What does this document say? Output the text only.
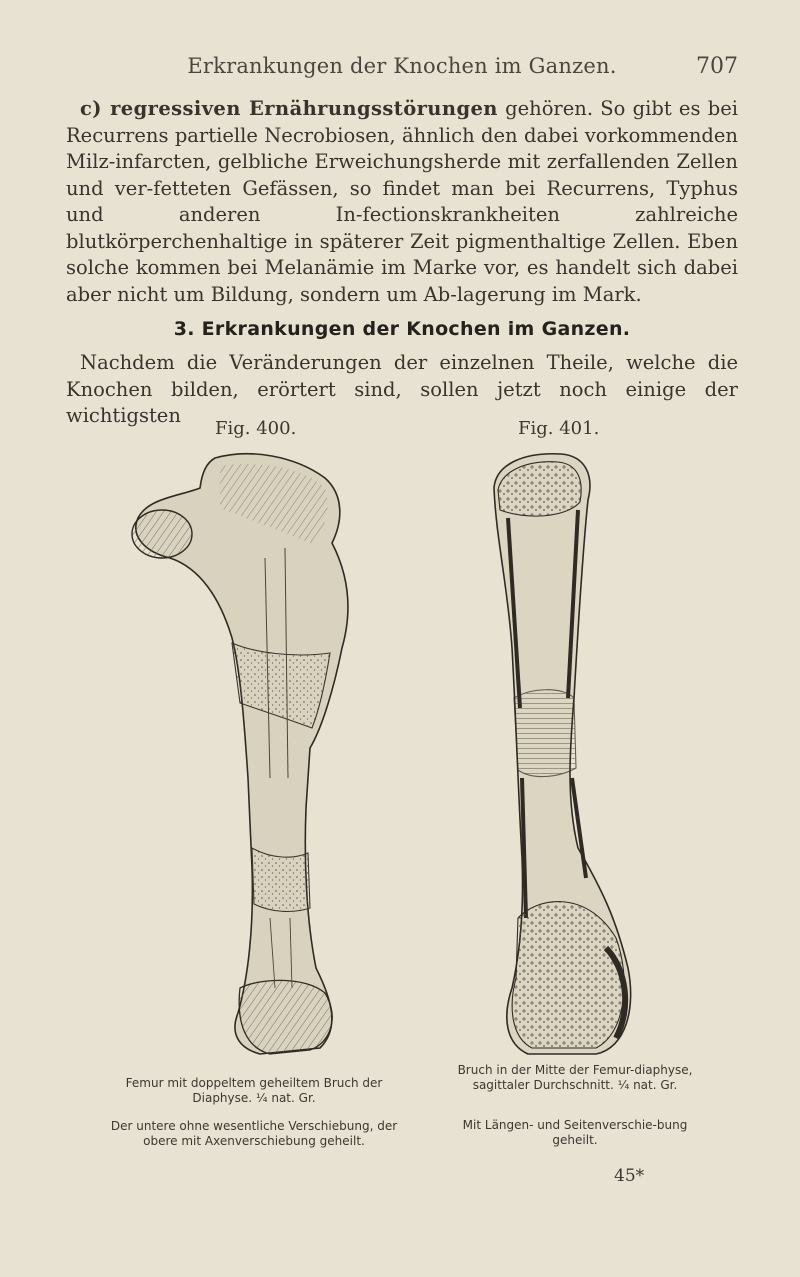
Erkrankungen der Knochen im Ganzen.	707

c) regressiven Ernährungsstörungen gehören. So gibt es bei Recurrens partielle Necrobiosen, ähnlich den dabei vorkommenden Milz-infarcten, gelbliche Erweichungsherde mit zerfallenden Zellen und ver-fetteten Gefässen, so findet man bei Recurrens, Typhus und anderen In-fectionskrankheiten zahlreiche blutkörperchenhaltige in späterer Zeit pigmenthaltige Zellen. Eben solche kommen bei Melanämie im Marke vor, es handelt sich dabei aber nicht um Bildung, sondern um Ab-lagerung im Mark.

3. Erkrankungen der Knochen im Ganzen.

Nachdem die Veränderungen der einzelnen Theile, welche die Knochen bilden, erörtert sind, sollen jetzt noch einige der wichtigsten

Fig. 400.	Fig. 401.
Femur mit doppeltem geheiltem Bruch der Diaphyse. ¹⁄₄ nat. Gr.
Der untere ohne wesentliche Verschiebung, der obere mit Axenverschiebung geheilt.
Bruch in der Mitte der Femur-diaphyse, sagittaler Durchschnitt. ¹⁄₄ nat. Gr.
Mit Längen- und Seitenverschie-bung geheilt.
45*
